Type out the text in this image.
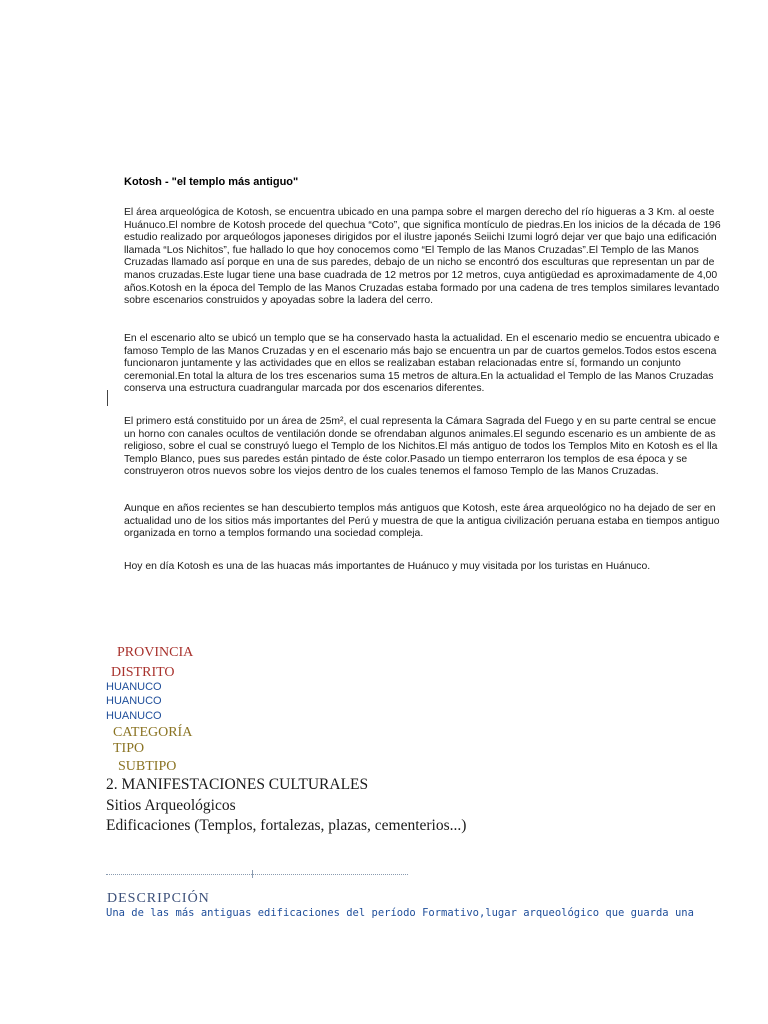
Kotosh - "el templo más antiguo"

El área arqueológica de Kotosh, se encuentra ubicado en una pampa sobre el margen derecho del río higueras a 3 Km. al oeste
Huánuco.El nombre de Kotosh procede del quechua “Coto”, que significa montículo de piedras.En los inicios de la década de 196
estudio realizado por arqueólogos japoneses dirigidos por el ilustre japonés Seiichi Izumi logró dejar ver que bajo una edificación
llamada “Los Nichitos”, fue hallado lo que hoy conocemos como “El Templo de las Manos Cruzadas”.El Templo de las Manos
Cruzadas llamado así porque en una de sus paredes, debajo de un nicho se encontró dos esculturas que representan un par de
manos cruzadas.Este lugar tiene una base cuadrada de 12 metros por 12 metros, cuya antigüedad es aproximadamente de 4,00
años.Kotosh en la época del Templo de las Manos Cruzadas estaba formado por una cadena de tres templos similares levantado
sobre escenarios construidos y apoyadas sobre la ladera del cerro.

En el escenario alto se ubicó un templo que se ha conservado hasta la actualidad. En el escenario medio se encuentra ubicado e
famoso Templo de las Manos Cruzadas y en el escenario más bajo se encuentra un par de cuartos gemelos.Todos estos escena
funcionaron juntamente y las actividades que en ellos se realizaban estaban relacionadas entre sí, formando un conjunto
ceremonial.En total la altura de los tres escenarios suma 15 metros de altura.En la actualidad el Templo de las Manos Cruzadas
conserva una estructura cuadrangular marcada por dos escenarios diferentes.

El primero está constituido por un área de 25m², el cual representa la Cámara Sagrada del Fuego y en su parte central se encue
un horno con canales ocultos de ventilación donde se ofrendaban algunos animales.El segundo escenario es un ambiente de as
religioso, sobre el cual se construyó luego el Templo de los Nichitos.El más antiguo de todos los Templos Mito en Kotosh es el lla
Templo Blanco, pues sus paredes están pintado de éste color.Pasado un tiempo enterraron los templos de esa época y se
construyeron otros nuevos sobre los viejos dentro de los cuales tenemos el famoso Templo de las Manos Cruzadas.

Aunque en años recientes se han descubierto templos más antiguos que Kotosh, este área arqueológico no ha dejado de ser en
actualidad uno de los sitios más importantes del Perú y muestra de que la antigua civilización peruana estaba en tiempos antiguo
organizada en torno a templos formando una sociedad compleja.

Hoy en día Kotosh es una de las huacas más importantes de Huánuco y muy visitada por los turistas en Huánuco.

PROVINCIA
DISTRITO
HUANUCO
HUANUCO
HUANUCO
CATEGORÍA
TIPO
SUBTIPO
2. MANIFESTACIONES CULTURALES
Sitios Arqueológicos
Edificaciones (Templos, fortalezas, plazas, cementerios...)
DESCRIPCIÓN
Una de las más antiguas edificaciones del período Formativo,lugar arqueológico que guarda una
